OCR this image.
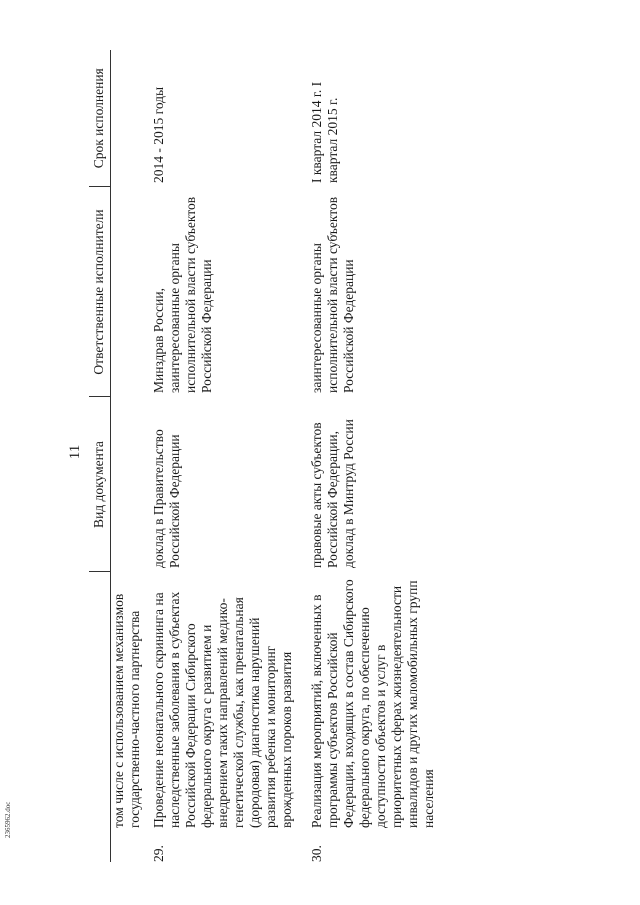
11
		Вид документа	Ответственные исполнители	Срок исполнения
	том числе с использованием механизмов государственно-частного партнерства			
29.	Проведение неонатального скрининга на наследственные заболевания в субъектах Российской Федерации Сибирского федерального округа с развитием и внедрением таких направлений медико-генетической службы, как пренатальная (дородовая) диагностика нарушений развития ребенка и мониторинг врожденных пороков развития	доклад в Правительство Российской Федерации	Минздрав России, заинтересованные органы исполнительной власти субъектов Российской Федерации	2014 - 2015 годы
30.	Реализация мероприятий, включенных в программы субъектов Российской Федерации, входящих в состав Сибирского федерального округа, по обеспечению доступности объектов и услуг в приоритетных сферах жизнедеятельности инвалидов и других маломобильных групп населения	правовые акты субъектов Российской Федерации, доклад в Минтруд России	заинтересованные органы исполнительной власти субъектов Российской Федерации	I квартал 2014 г. I квартал 2015 г.
2365962.doc
